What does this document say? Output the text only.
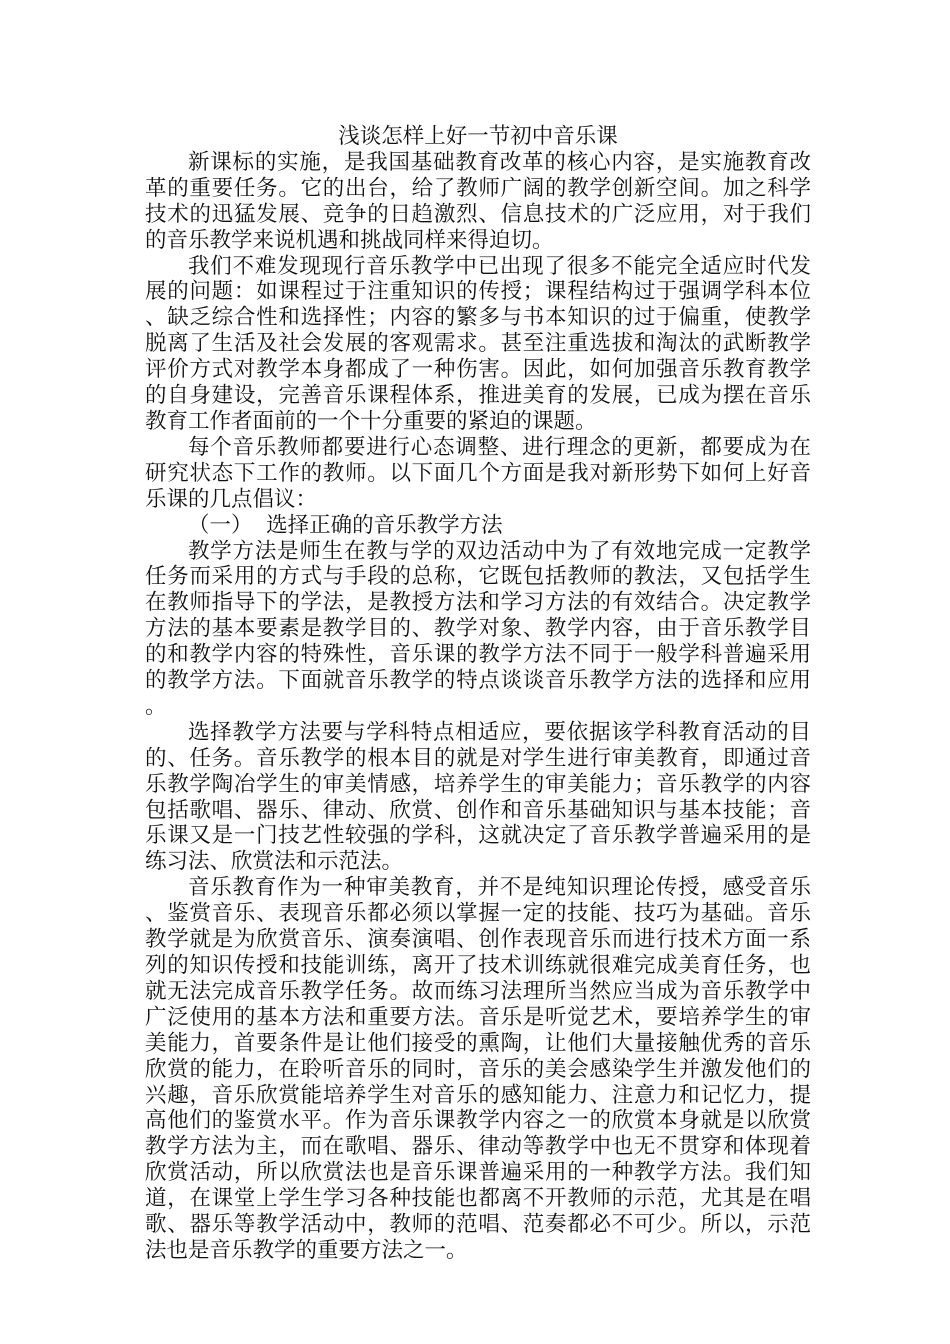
浅谈怎样上好一节初中音乐课

新课标的实施，是我国基础教育改革的核心内容，是实施教育改革的重要任务。它的出台，给了教师广阔的教学创新空间。加之科学技术的迅猛发展、竞争的日趋激烈、信息技术的广泛应用，对于我们的音乐教学来说机遇和挑战同样来得迫切。

我们不难发现现行音乐教学中已出现了很多不能完全适应时代发展的问题：如课程过于注重知识的传授；课程结构过于强调学科本位、缺乏综合性和选择性；内容的繁多与书本知识的过于偏重，使教学脱离了生活及社会发展的客观需求。甚至注重选拔和淘汰的武断教学评价方式对教学本身都成了一种伤害。因此，如何加强音乐教育教学的自身建设，完善音乐课程体系，推进美育的发展，已成为摆在音乐教育工作者面前的一个十分重要的紧迫的课题。

每个音乐教师都要进行心态调整、进行理念的更新，都要成为在研究状态下工作的教师。以下面几个方面是我对新形势下如何上好音乐课的几点倡议：

（一）  选择正确的音乐教学方法

教学方法是师生在教与学的双边活动中为了有效地完成一定教学任务而采用的方式与手段的总称，它既包括教师的教法，又包括学生在教师指导下的学法，是教授方法和学习方法的有效结合。决定教学方法的基本要素是教学目的、教学对象、教学内容，由于音乐教学目的和教学内容的特殊性，音乐课的教学方法不同于一般学科普遍采用的教学方法。下面就音乐教学的特点谈谈音乐教学方法的选择和应用。

选择教学方法要与学科特点相适应，要依据该学科教育活动的目的、任务。音乐教学的根本目的就是对学生进行审美教育，即通过音乐教学陶冶学生的审美情感，培养学生的审美能力；音乐教学的内容包括歌唱、器乐、律动、欣赏、创作和音乐基础知识与基本技能；音乐课又是一门技艺性较强的学科，这就决定了音乐教学普遍采用的是练习法、欣赏法和示范法。

音乐教育作为一种审美教育，并不是纯知识理论传授，感受音乐、鉴赏音乐、表现音乐都必须以掌握一定的技能、技巧为基础。音乐教学就是为欣赏音乐、演奏演唱、创作表现音乐而进行技术方面一系列的知识传授和技能训练，离开了技术训练就很难完成美育任务，也就无法完成音乐教学任务。故而练习法理所当然应当成为音乐教学中广泛使用的基本方法和重要方法。音乐是听觉艺术，要培养学生的审美能力，首要条件是让他们接受的熏陶，让他们大量接触优秀的音乐欣赏的能力，在聆听音乐的同时，音乐的美会感染学生并激发他们的兴趣，音乐欣赏能培养学生对音乐的感知能力、注意力和记忆力，提高他们的鉴赏水平。作为音乐课教学内容之一的欣赏本身就是以欣赏教学方法为主，而在歌唱、器乐、律动等教学中也无不贯穿和体现着欣赏活动，所以欣赏法也是音乐课普遍采用的一种教学方法。我们知道，在课堂上学生学习各种技能也都离不开教师的示范，尤其是在唱歌、器乐等教学活动中，教师的范唱、范奏都必不可少。所以，示范法也是音乐教学的重要方法之一。
